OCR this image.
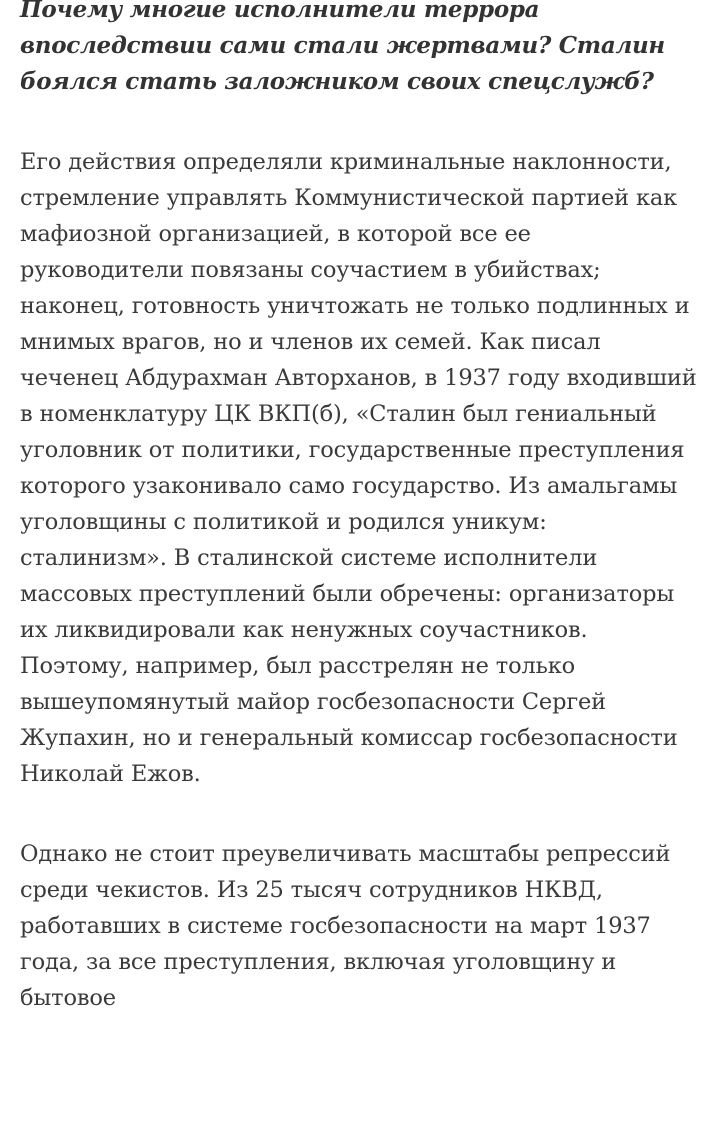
Почему многие исполнители террора впоследствии сами стали жертвами? Сталин боялся стать заложником своих спецслужб?

Его действия определяли криминальные наклонности, стремление управлять Коммунистической партией как мафиозной организацией, в которой все ее руководители повязаны соучастием в убийствах; наконец, готовность уничтожать не только подлинных и мнимых врагов, но и членов их семей. Как писал чеченец Абдурахман Авторханов, в 1937 году входивший в номенклатуру ЦК ВКП(б), «Сталин был гениальный уголовник от политики, государственные преступления которого узаконивало само государство. Из амальгамы уголовщины с политикой и родился уникум: сталинизм». В сталинской системе исполнители массовых преступлений были обречены: организаторы их ликвидировали как ненужных соучастников. Поэтому, например, был расстрелян не только вышеупомянутый майор госбезопасности Сергей Жупахин, но и генеральный комиссар госбезопасности Николай Ежов.

Однако не стоит преувеличивать масштабы репрессий среди чекистов. Из 25 тысяч сотрудников НКВД, работавших в системе госбезопасности на март 1937 года, за все преступления, включая уголовщину и бытовое
